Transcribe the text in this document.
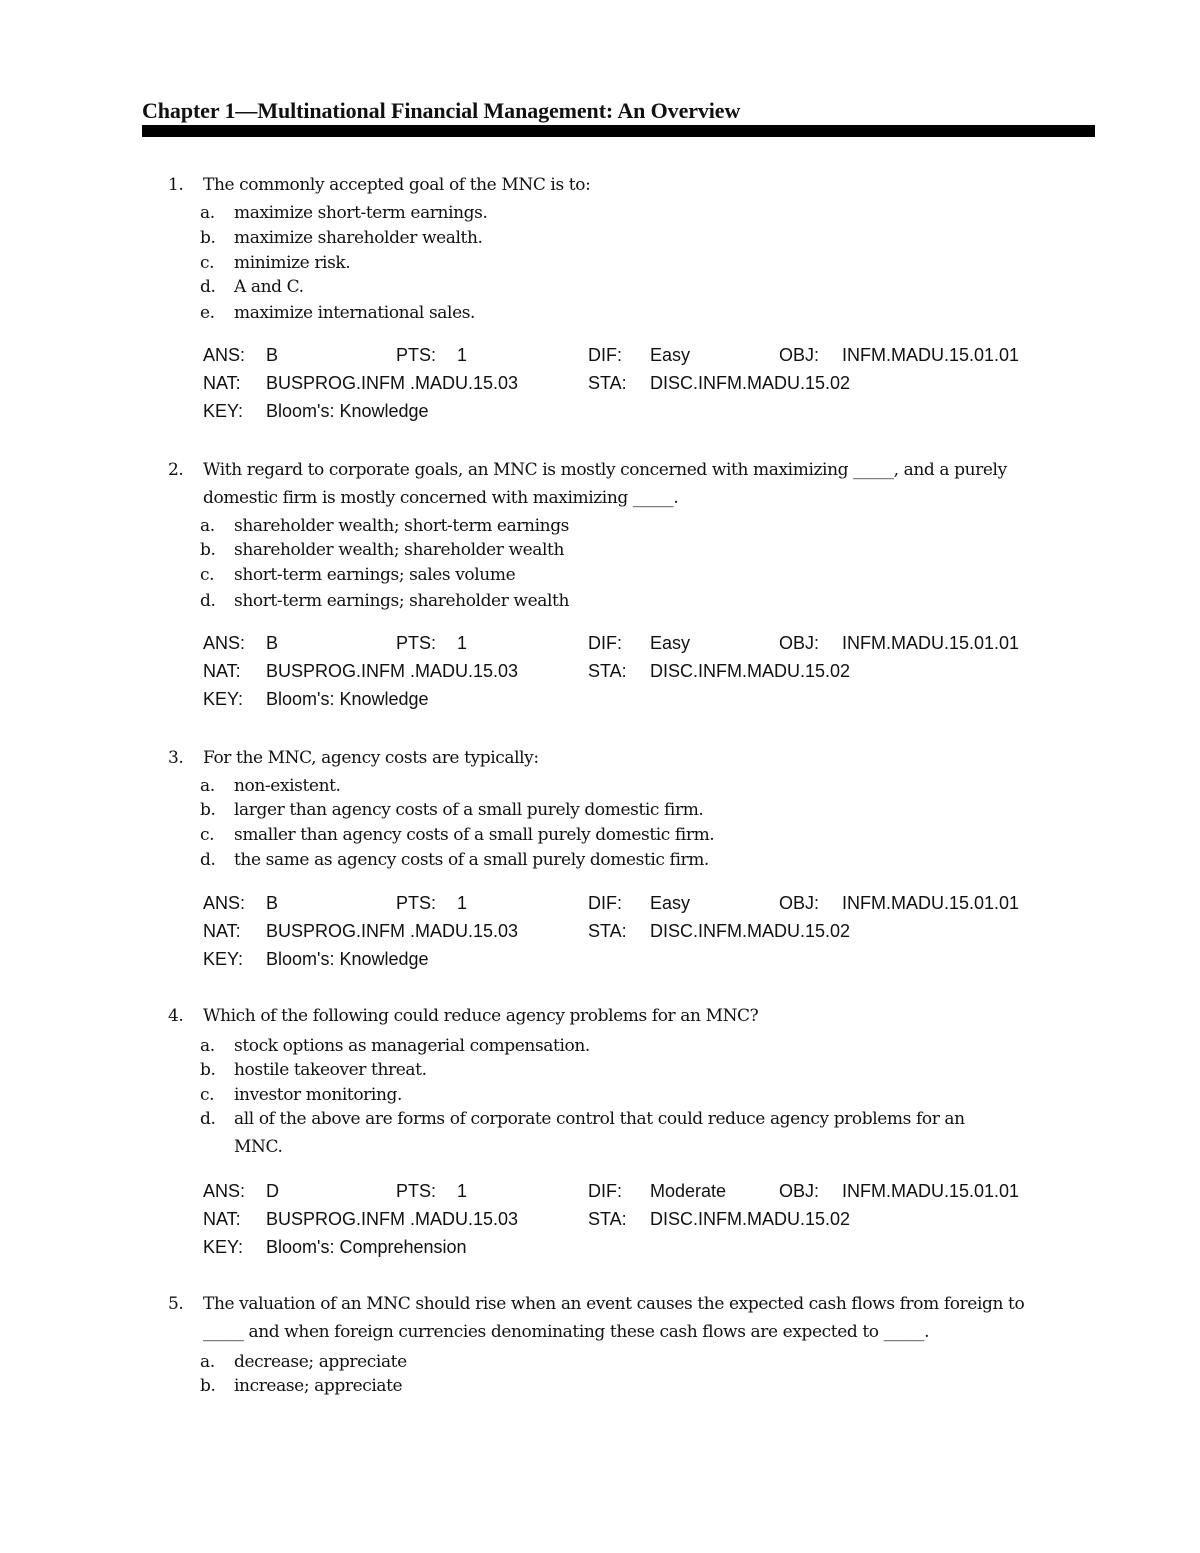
Chapter 1—Multinational Financial Management: An Overview
1. The commonly accepted goal of the MNC is to:
a. maximize short-term earnings.
b. maximize shareholder wealth.
c. minimize risk.
d. A and C.
e. maximize international sales.
ANS: B	PTS: 1	DIF: Easy	OBJ: INFM.MADU.15.01.01
NAT: BUSPROG.INFM .MADU.15.03	STA: DISC.INFM.MADU.15.02
KEY: Bloom's: Knowledge
2. With regard to corporate goals, an MNC is mostly concerned with maximizing _____, and a purely
domestic firm is mostly concerned with maximizing _____.
a. shareholder wealth; short-term earnings
b. shareholder wealth; shareholder wealth
c. short-term earnings; sales volume
d. short-term earnings; shareholder wealth
ANS: B	PTS: 1	DIF: Easy	OBJ: INFM.MADU.15.01.01
NAT: BUSPROG.INFM .MADU.15.03	STA: DISC.INFM.MADU.15.02
KEY: Bloom's: Knowledge
3. For the MNC, agency costs are typically:
a. non-existent.
b. larger than agency costs of a small purely domestic firm.
c. smaller than agency costs of a small purely domestic firm.
d. the same as agency costs of a small purely domestic firm.
ANS: B	PTS: 1	DIF: Easy	OBJ: INFM.MADU.15.01.01
NAT: BUSPROG.INFM .MADU.15.03	STA: DISC.INFM.MADU.15.02
KEY: Bloom's: Knowledge
4. Which of the following could reduce agency problems for an MNC?
a. stock options as managerial compensation.
b. hostile takeover threat.
c. investor monitoring.
d. all of the above are forms of corporate control that could reduce agency problems for an
MNC.
ANS: D	PTS: 1	DIF: Moderate	OBJ: INFM.MADU.15.01.01
NAT: BUSPROG.INFM .MADU.15.03	STA: DISC.INFM.MADU.15.02
KEY: Bloom's: Comprehension
5. The valuation of an MNC should rise when an event causes the expected cash flows from foreign to
_____ and when foreign currencies denominating these cash flows are expected to _____.
a. decrease; appreciate
b. increase; appreciate
